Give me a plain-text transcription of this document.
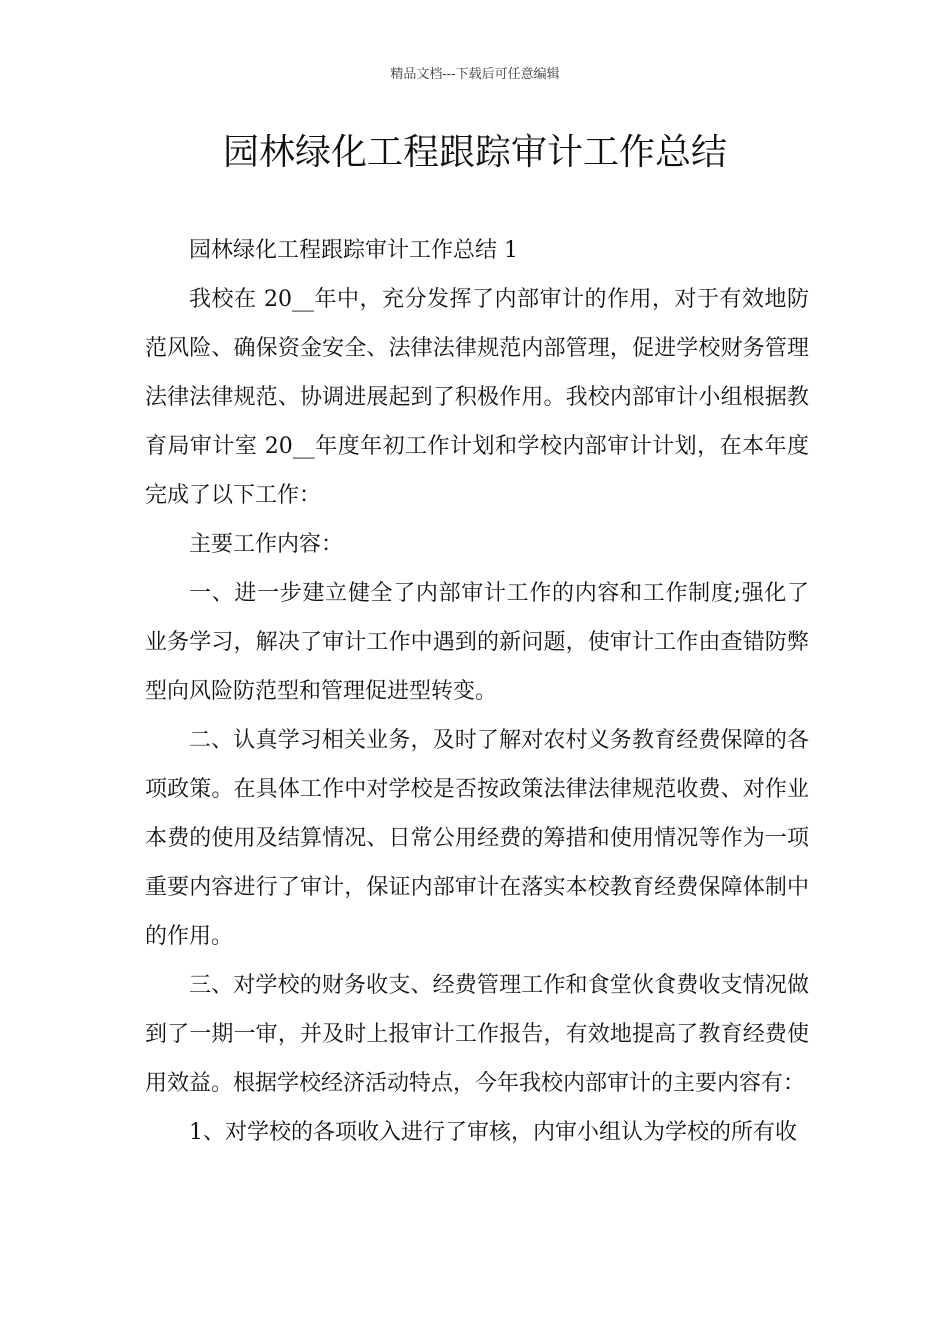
精品文档---下载后可任意编辑
园林绿化工程跟踪审计工作总结

园林绿化工程跟踪审计工作总结 1

我校在 20__年中，充分发挥了内部审计的作用，对于有效地防范风险、确保资金安全、法律法律规范内部管理，促进学校财务管理法律法律规范、协调进展起到了积极作用。我校内部审计小组根据教育局审计室 20__年度年初工作计划和学校内部审计计划，在本年度完成了以下工作：

主要工作内容：

一、进一步建立健全了内部审计工作的内容和工作制度;强化了业务学习，解决了审计工作中遇到的新问题，使审计工作由查错防弊型向风险防范型和管理促进型转变。

二、认真学习相关业务，及时了解对农村义务教育经费保障的各项政策。在具体工作中对学校是否按政策法律法律规范收费、对作业本费的使用及结算情况、日常公用经费的筹措和使用情况等作为一项重要内容进行了审计，保证内部审计在落实本校教育经费保障体制中的作用。

三、对学校的财务收支、经费管理工作和食堂伙食费收支情况做到了一期一审，并及时上报审计工作报告，有效地提高了教育经费使用效益。根据学校经济活动特点，今年我校内部审计的主要内容有：

1、对学校的各项收入进行了审核，内审小组认为学校的所有收
